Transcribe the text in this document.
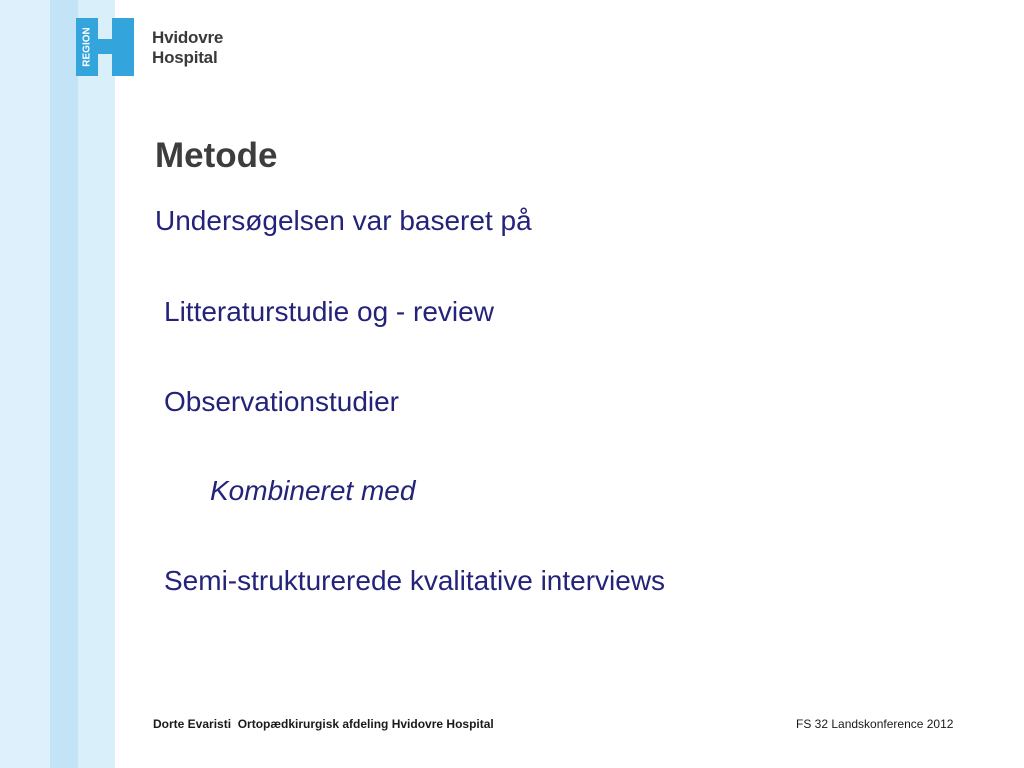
REGION	Hvidovre
Hospital
Metode
Undersøgelsen var baseret på
Litteraturstudie og - review
Observationstudier
Kombineret med
Semi-strukturerede kvalitative interviews
Dorte Evaristi  Ortopædkirurgisk afdeling Hvidovre Hospital	FS 32 Landskonference 2012
